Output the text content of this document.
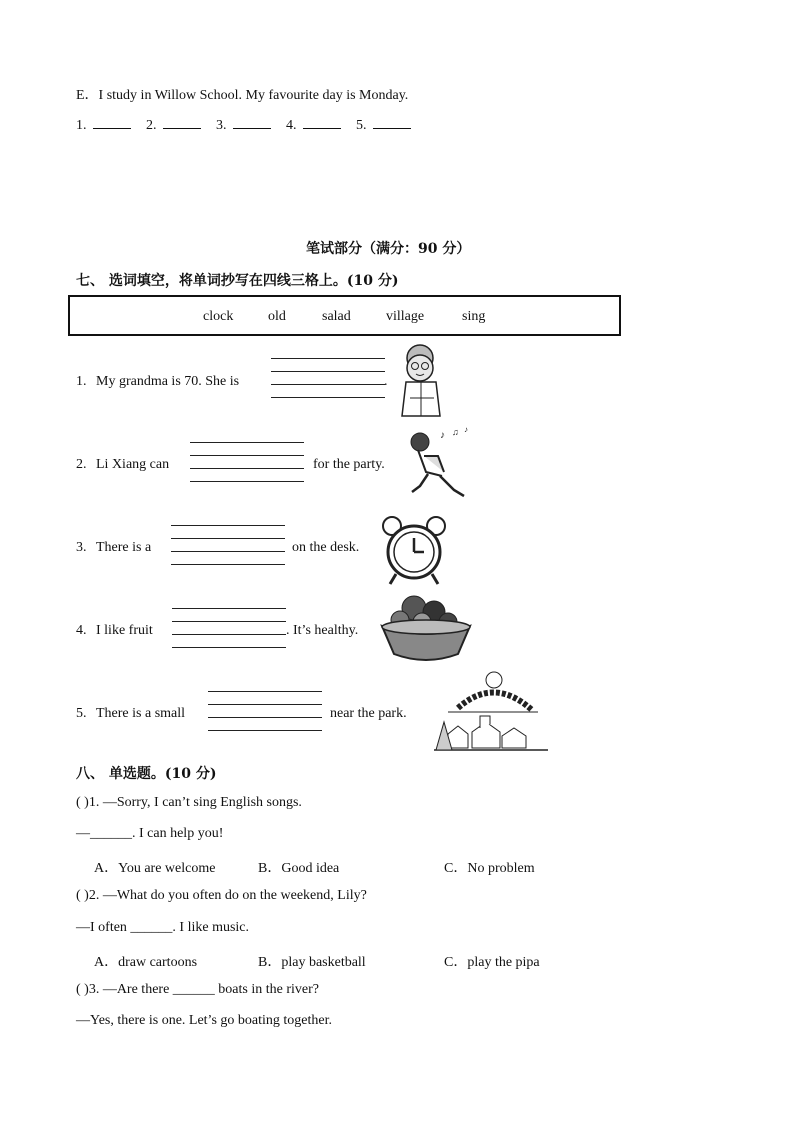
E．I study in Willow School. My favourite day is Monday.
1.	2.	3.	4.	5.
笔试部分（满分：90 分）
七、 选词填空，将单词抄写在四线三格上。(10 分)
clock old	salad	village	sing
1. My grandma is 70. She is	.
2. Li Xiang can	for the party.
♪ ♫ ♪
3. There is a	on the desk.
4. I like fruit	. It’s healthy.
5. There is a small	near the park.
八、 单选题。(10 分)
( )1. —Sorry, I can’t sing English songs.
—______. I can help you!
A．You are welcome	B．Good idea	C．No problem
( )2. —What do you often do on the weekend, Lily?
—I often ______. I like music.
A．draw cartoons	B．play basketball	C．play the pipa
( )3. —Are there ______ boats in the river?
—Yes, there is one. Let’s go boating together.
